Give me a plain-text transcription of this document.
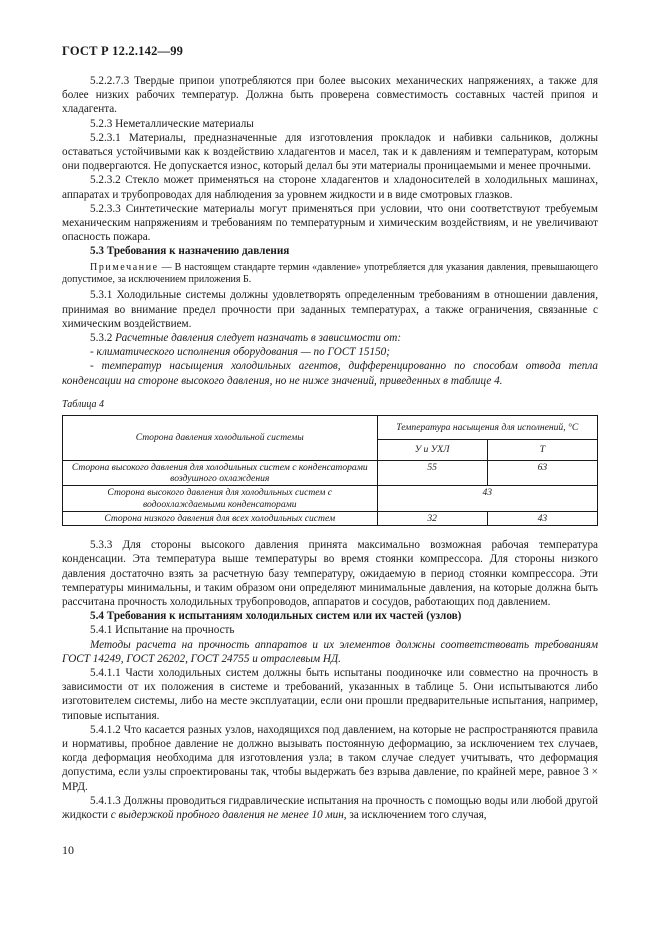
ГОСТ Р 12.2.142—99

5.2.2.7.3 Твердые припои употребляются при более высоких механических напряжениях, а также для более низких рабочих температур. Должна быть проверена совместимость составных частей припоя и хладагента.

5.2.3 Неметаллические материалы

5.2.3.1 Материалы, предназначенные для изготовления прокладок и набивки сальников, должны оставаться устойчивыми как к воздействию хладагентов и масел, так и к давлениям и температурам, которым они подвергаются. Не допускается износ, который делал бы эти материалы проницаемыми и менее прочными.

5.2.3.2 Стекло может применяться на стороне хладагентов и хладоносителей в холодильных машинах, аппаратах и трубопроводах для наблюдения за уровнем жидкости и в виде смотровых глазков.

5.2.3.3 Синтетические материалы могут применяться при условии, что они соответствуют требуемым механическим напряжениям и требованиям по температурным и химическим воздействиям, и не увеличивают опасность пожара.

5.3 Требования к назначению давления

Примечание — В настоящем стандарте термин «давление» употребляется для указания давления, превышающего допустимое, за исключением приложения Б.

5.3.1 Холодильные системы должны удовлетворять определенным требованиям в отношении давления, принимая во внимание предел прочности при заданных температурах, а также ограничения, связанные с химическим воздействием.

5.3.2 Расчетные давления следует назначать в зависимости от:

- климатического исполнения оборудования — по ГОСТ 15150;

- температур насыщения холодильных агентов, дифференцированно по способам отвода тепла конденсации на стороне высокого давления, но не ниже значений, приведенных в таблице 4.

Таблица 4
Сторона давления холодильной системы	Температура насыщения для исполнений, °С	
	У и УХЛ	Т
Сторона высокого давления для холодильных систем с конденсаторами воздушного охлаждения	55	63
Сторона высокого давления для холодильных систем с водоохлаждаемыми конденсаторами	43	
Сторона низкого давления для всех холодильных систем	32	43

5.3.3 Для стороны высокого давления принята максимально возможная рабочая температура конденсации. Эта температура выше температуры во время стоянки компрессора. Для стороны низкого давления достаточно взять за расчетную базу температуру, ожидаемую в период стоянки компрессора. Эти температуры минимальны, и таким образом они определяют минимальные давления, на которые должна быть рассчитана прочность холодильных трубопроводов, аппаратов и сосудов, работающих под давлением.

5.4 Требования к испытаниям холодильных систем или их частей (узлов)

5.4.1 Испытание на прочность

Методы расчета на прочность аппаратов и их элементов должны соответствовать требованиям ГОСТ 14249, ГОСТ 26202, ГОСТ 24755 и отраслевым НД.

5.4.1.1 Части холодильных систем должны быть испытаны поодиночке или совместно на прочность в зависимости от их положения в системе и требований, указанных в таблице 5. Они испытываются либо изготовителем системы, либо на месте эксплуатации, если они прошли предварительные испытания, например, типовые испытания.

5.4.1.2 Что касается разных узлов, находящихся под давлением, на которые не распространяются правила и нормативы, пробное давление не должно вызывать постоянную деформацию, за исключением тех случаев, когда деформация необходима для изготовления узла; в таком случае следует учитывать, что деформация допустима, если узлы спроектированы так, чтобы выдержать без взрыва давление, по крайней мере, равное 3 × МРД.

5.4.1.3 Должны проводиться гидравлические испытания на прочность с помощью воды или любой другой жидкости с выдержкой пробного давления не менее 10 мин, за исключением того случая,

10
